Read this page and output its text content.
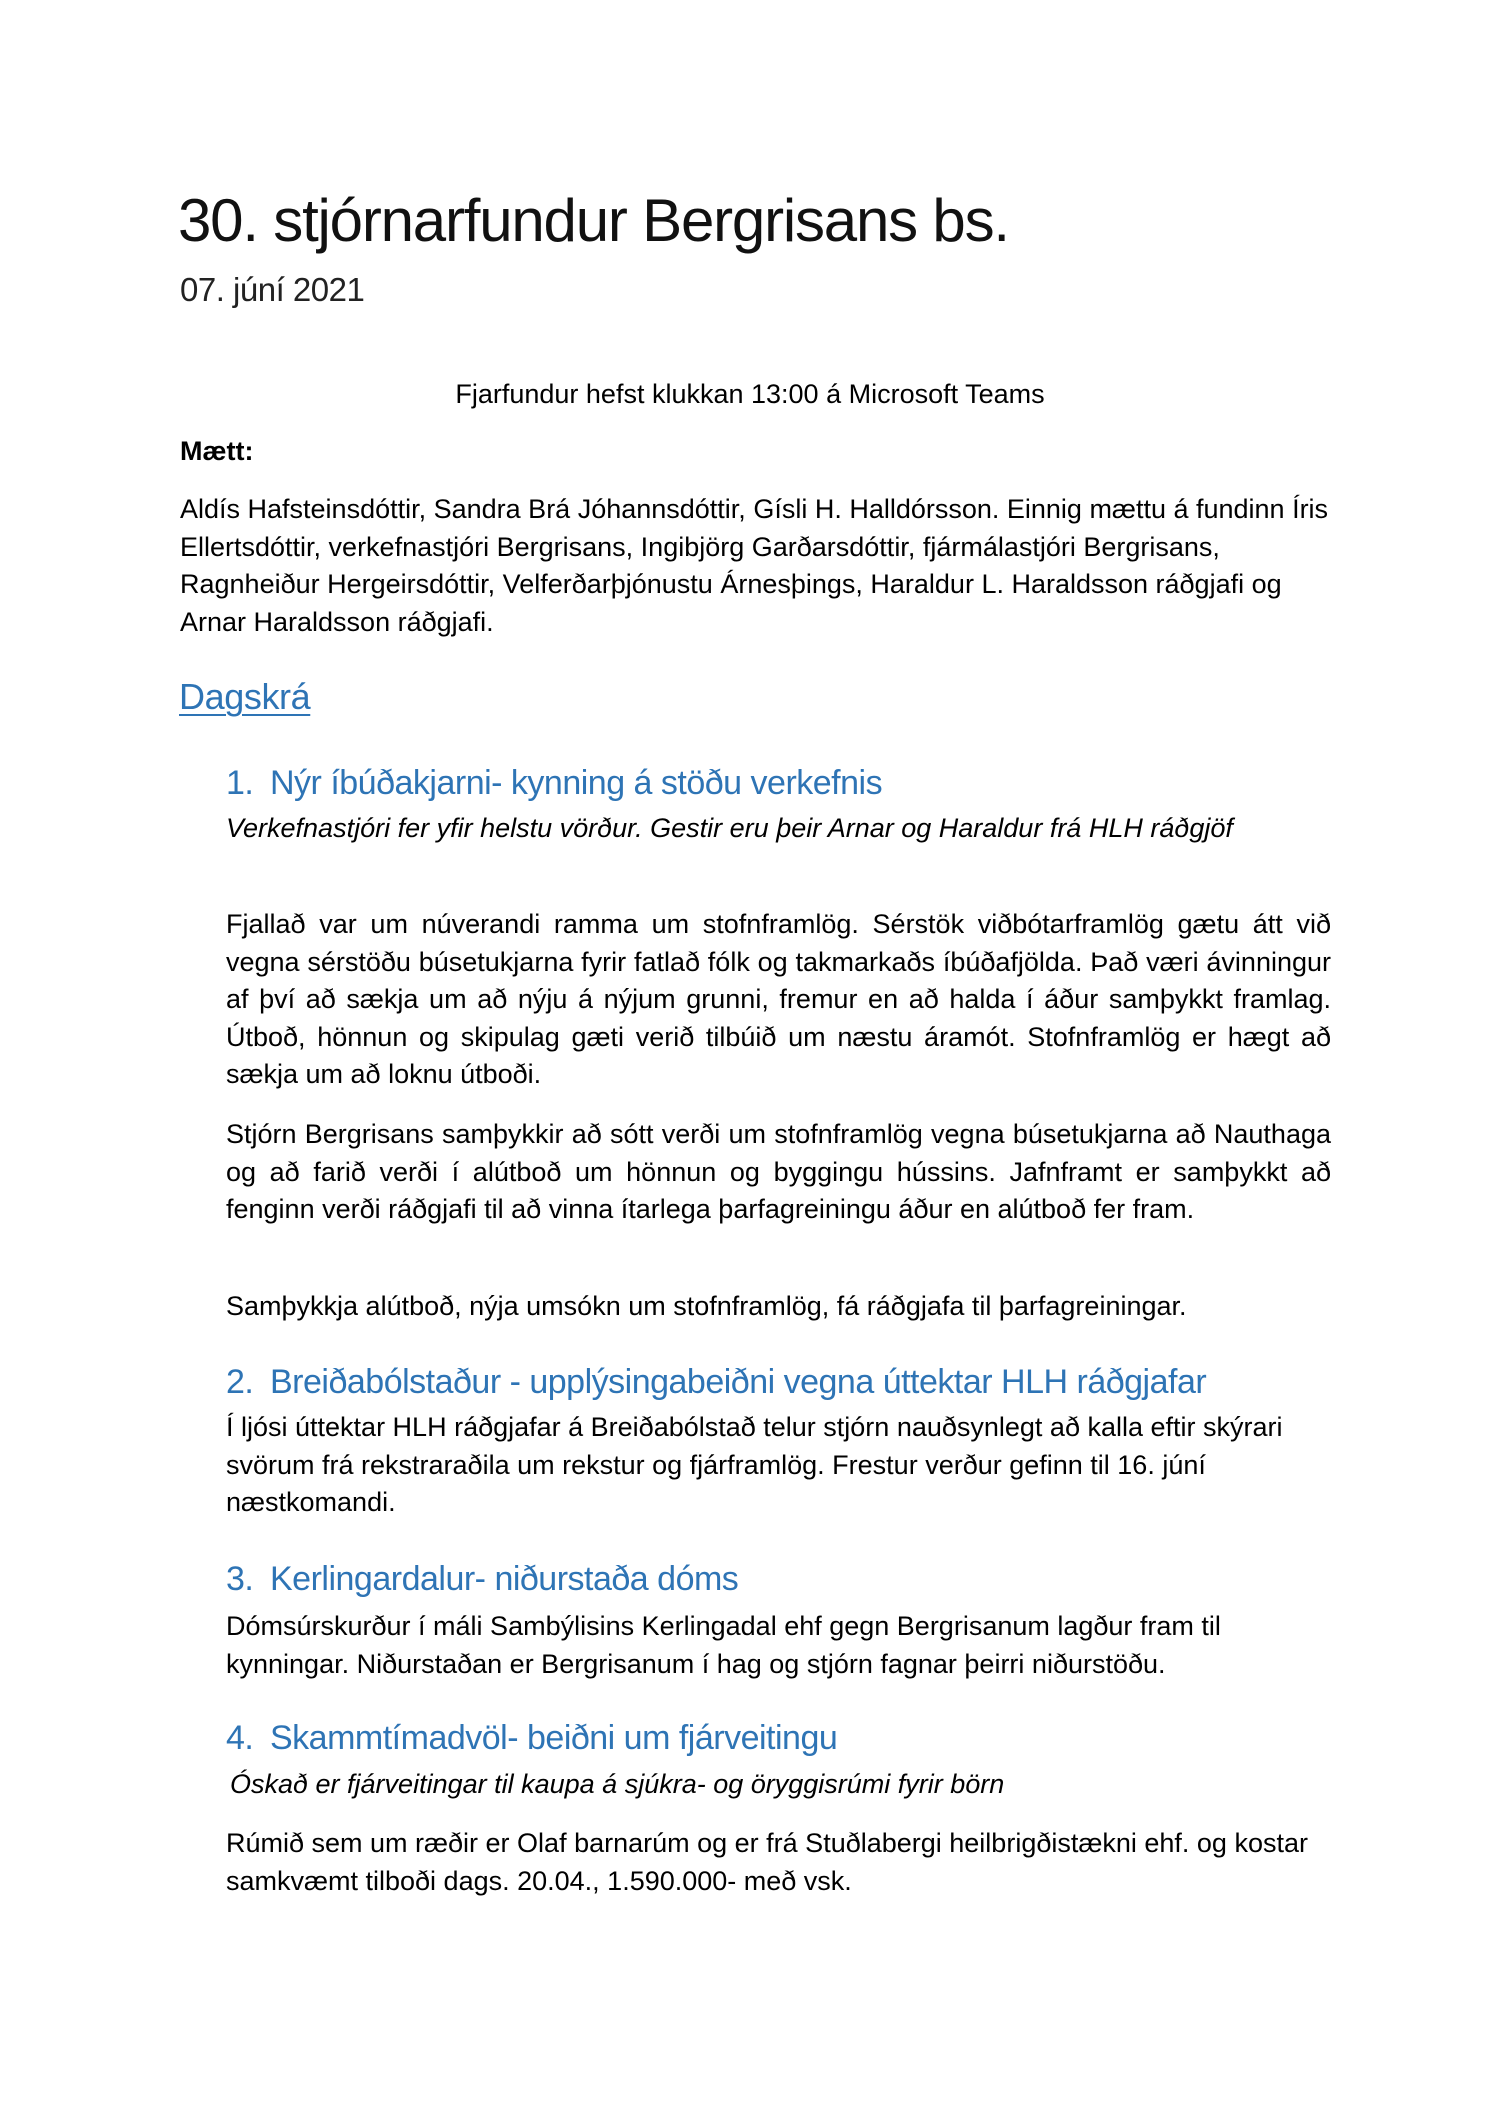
30. stjórnarfundur Bergrisans bs.
07. júní 2021
Fjarfundur hefst klukkan 13:00 á Microsoft Teams
Mætt:
Aldís Hafsteinsdóttir, Sandra Brá Jóhannsdóttir, Gísli H. Halldórsson. Einnig mættu á fundinn Íris Ellertsdóttir, verkefnastjóri Bergrisans, Ingibjörg Garðarsdóttir, fjármálastjóri Bergrisans, Ragnheiður Hergeirsdóttir, Velferðarþjónustu Árnesþings, Haraldur L. Haraldsson ráðgjafi og Arnar Haraldsson ráðgjafi.
Dagskrá
1. Nýr íbúðakjarni- kynning á stöðu verkefnis
Verkefnastjóri fer yfir helstu vörður. Gestir eru þeir Arnar og Haraldur frá HLH ráðgjöf
Fjallað var um núverandi ramma um stofnframlög. Sérstök viðbótarframlög gætu átt við vegna sérstöðu búsetukjarna fyrir fatlað fólk og takmarkaðs íbúðafjölda. Það væri ávinningur af því að sækja um að nýju á nýjum grunni, fremur en að halda í áður samþykkt framlag. Útboð, hönnun og skipulag gæti verið tilbúið um næstu áramót. Stofnframlög er hægt að sækja um að loknu útboði.
Stjórn Bergrisans samþykkir að sótt verði um stofnframlög vegna búsetukjarna að Nauthaga og að farið verði í alútboð um hönnun og byggingu hússins. Jafnframt er samþykkt að fenginn verði ráðgjafi til að vinna ítarlega þarfagreiningu áður en alútboð fer fram.
Samþykkja alútboð, nýja umsókn um stofnframlög, fá ráðgjafa til þarfagreiningar.
2. Breiðabólstaður - upplýsingabeiðni vegna úttektar HLH ráðgjafar
Í ljósi úttektar HLH ráðgjafar á Breiðabólstað telur stjórn nauðsynlegt að kalla eftir skýrari svörum frá rekstraraðila um rekstur og fjárframlög. Frestur verður gefinn til 16. júní næstkomandi.
3. Kerlingardalur- niðurstaða dóms
Dómsúrskurður í máli Sambýlisins Kerlingadal ehf gegn Bergrisanum lagður fram til kynningar. Niðurstaðan er Bergrisanum í hag og stjórn fagnar þeirri niðurstöðu.
4. Skammtímadvöl- beiðni um fjárveitingu
Óskað er fjárveitingar til kaupa á sjúkra- og öryggisrúmi fyrir börn
Rúmið sem um ræðir er Olaf barnarúm og er frá Stuðlabergi heilbrigðistækni ehf. og kostar samkvæmt tilboði dags. 20.04., 1.590.000- með vsk.
